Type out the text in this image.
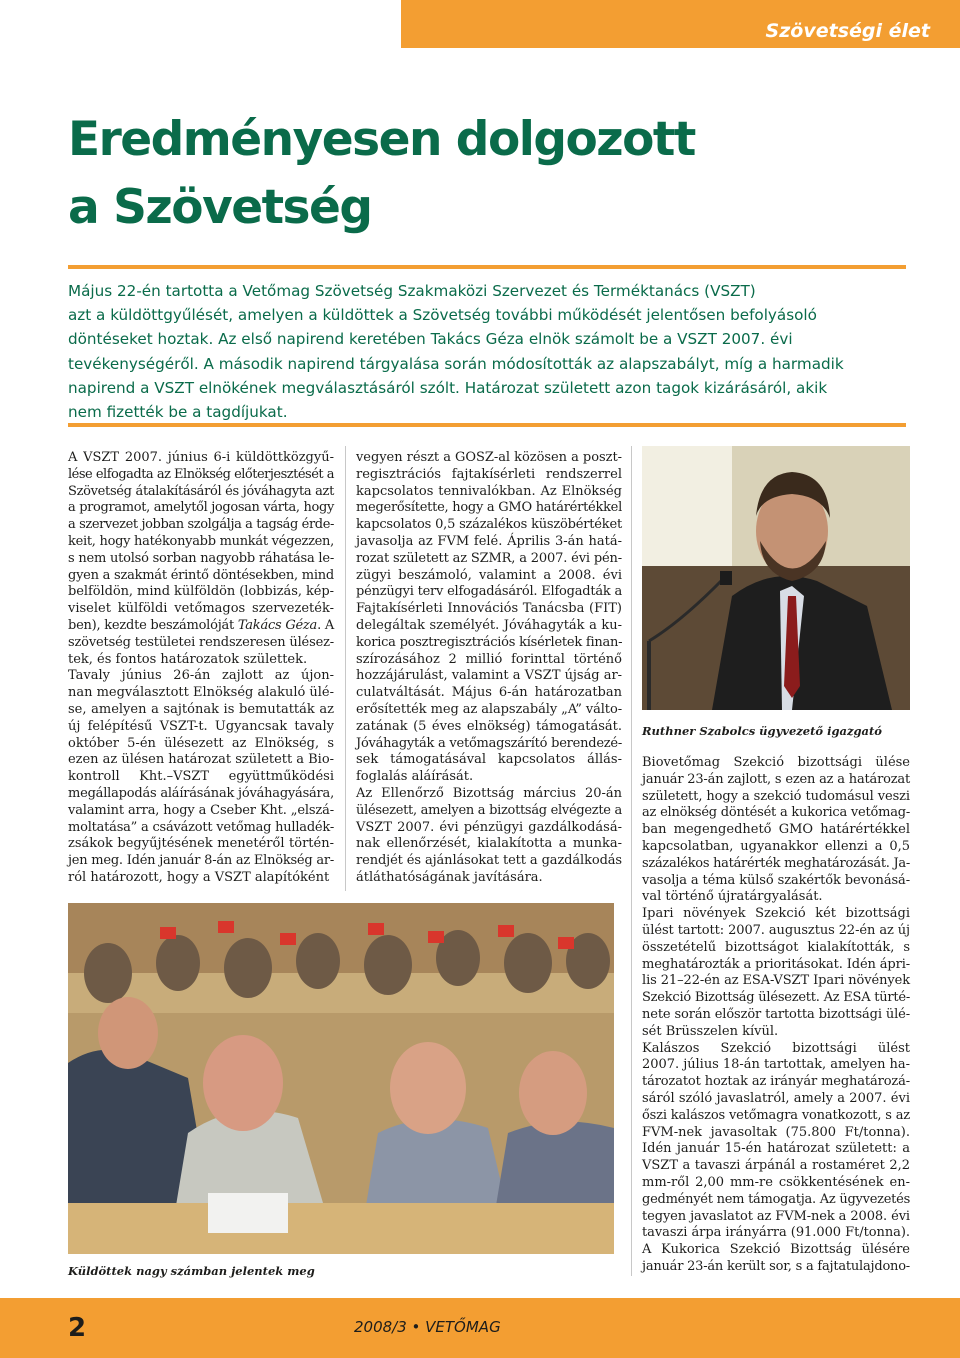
Szövetségi élet
Eredményesen dolgozott
a Szövetség

Május 22-én tartotta a Vetőmag Szövetség Szakmaközi Szervezet és Terméktanács (VSZT)

azt a küldöttgyűlését, amelyen a küldöttek a Szövetség további működését jelentősen befolyásoló

döntéseket hoztak. Az első napirend keretében Takács Géza elnök számolt be a VSZT 2007. évi

tevékenységéről. A második napirend tárgyalása során módosították az alapszabályt, míg a harmadik

napirend a VSZT elnökének megválasztásáról szólt. Határozat született azon tagok kizárásáról, akik

nem fizették be a tagdíjukat.

A VSZT 2007. június 6-i küldöttközgyű-

lése elfogadta az Elnökség előterjesztését a

Szövetség átalakításáról és jóváhagyta azt

a programot, amelytől jogosan várta, hogy

a szervezet jobban szolgálja a tagság érde-

keit, hogy hatékonyabb munkát végezzen,

s nem utolsó sorban nagyobb ráhatása le-

gyen a szakmát érintő döntésekben, mind

belföldön, mind külföldön (lobbizás, kép-

viselet külföldi vetőmagos szervezeték-

ben), kezdte beszámolóját Takács Géza. A

szövetség testületei rendszeresen ülésez-

tek, és fontos határozatok születtek.

Tavaly június 26-án zajlott az újon-

nan megválasztott Elnökség alakuló ülé-

se, amelyen a sajtónak is bemutatták az

új felépítésű VSZT-t. Ugyancsak tavaly

október 5-én ülésezett az Elnökség, s

ezen az ülésen határozat született a Bio-

kontroll Kht.–VSZT együttműködési

megállapodás aláírásának jóváhagyására,

valamint arra, hogy a Cseber Kht. „elszá-

moltatása” a csávázott vetőmag hulladék-

zsákok begyűjtésének menetéről történ-

jen meg. Idén január 8-án az Elnökség ar-

ról határozott, hogy a VSZT alapítóként

vegyen részt a GOSZ-al közösen a poszt-

regisztrációs fajtakísérleti rendszerrel

kapcsolatos tennivalókban. Az Elnökség

megerősítette, hogy a GMO határértékkel

kapcsolatos 0,5 százalékos küszöbértéket

javasolja az FVM felé. Április 3-án hatá-

rozat született az SZMR, a 2007. évi pén-

zügyi beszámoló, valamint a 2008. évi

pénzügyi terv elfogadásáról. Elfogadták a

Fajtakísérleti Innovációs Tanácsba (FIT)

delegáltak személyét. Jóváhagyták a ku-

korica posztregisztrációs kísérletek finan-

szírozásához 2 millió forinttal történő

hozzájárulást, valamint a VSZT újság ar-

culatváltását. Május 6-án határozatban

erősítették meg az alapszabály „A” válto-

zatának (5 éves elnökség) támogatását.

Jóváhagyták a vetőmagszárító berendezé-

sek támogatásával kapcsolatos állás-

foglalás aláírását.

Az Ellenőrző Bizottság március 20-án

ülésezett, amelyen a bizottság elvégezte a

VSZT 2007. évi pénzügyi gazdálkodásá-

nak ellenőrzését, kialakította a munka-

rendjét és ajánlásokat tett a gazdálkodás

átláthatóságának javítására.

Biovetőmag Szekció bizottsági ülése

január 23-án zajlott, s ezen az a határozat

született, hogy a szekció tudomásul veszi

az elnökség döntését a kukorica vetőmag-

ban megengedhető GMO határértékkel

kapcsolatban, ugyanakkor ellenzi a 0,5

százalékos határérték meghatározását. Ja-

vasolja a téma külső szakértők bevonásá-

val történő újratárgyalását.

Ipari növények Szekció két bizottsági

ülést tartott: 2007. augusztus 22-én az új

összetételű bizottságot kialakították, s

meghatározták a prioritásokat. Idén ápri-

lis 21–22-én az ESA-VSZT Ipari növények

Szekció Bizottság ülésezett. Az ESA türté-

nete során először tartotta bizottsági ülé-

sét Brüsszelen kívül.

Kalászos Szekció bizottsági ülést

2007. július 18-án tartottak, amelyen ha-

tározatot hoztak az irányár meghatározá-

sáról szóló javaslatról, amely a 2007. évi

őszi kalászos vetőmagra vonatkozott, s az

FVM-nek javasoltak (75.800 Ft/tonna).

Idén január 15-én határozat született: a

VSZT a tavaszi árpánál a rostaméret 2,2

mm-ről 2,00 mm-re csökkentésének en-

gedményét nem támogatja. Az ügyvezetés

tegyen javaslatot az FVM-nek a 2008. évi

tavaszi árpa irányárra (91.000 Ft/tonna).

A Kukorica Szekció Bizottság ülésére

január 23-án került sor, s a fajtatulajdono-

Ruthner Szabolcs ügyvezető igazgató
Küldöttek nagy számban jelentek meg
2	2008/3 • VETŐMAG
